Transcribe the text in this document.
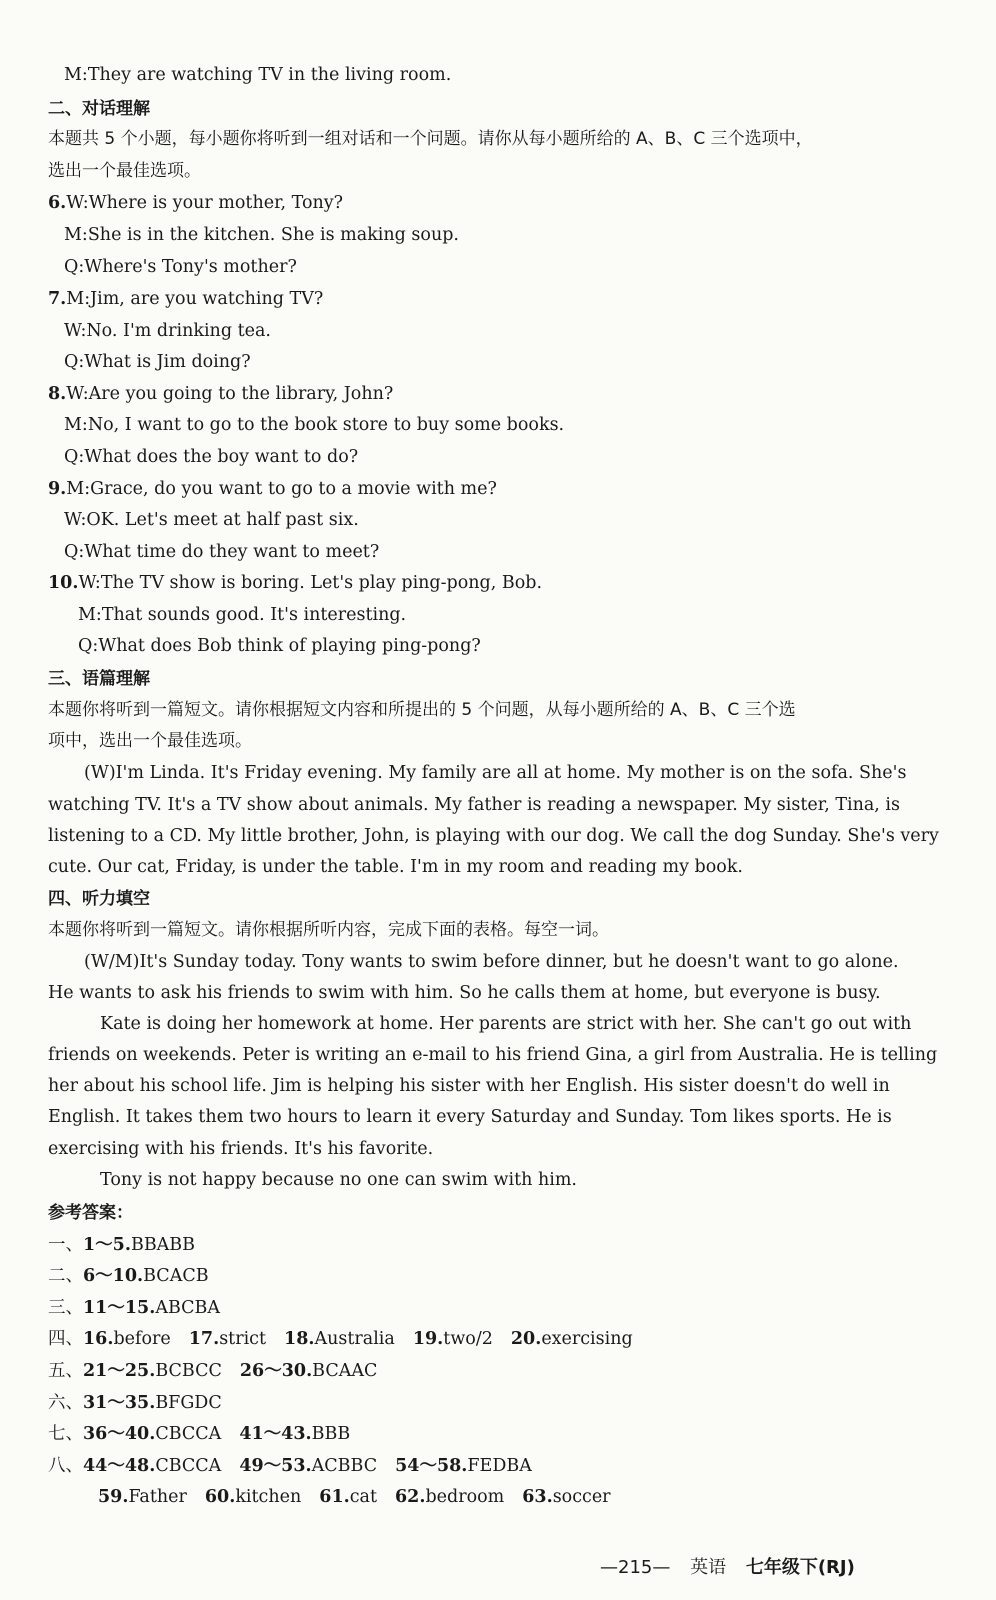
M:They are watching TV in the living room.
二、对话理解
本题共 5 个小题，每小题你将听到一组对话和一个问题。请你从每小题所给的 A、B、C 三个选项中，
选出一个最佳选项。
6.W:Where is your mother, Tony?
M:She is in the kitchen. She is making soup.
Q:Where's Tony's mother?
7.M:Jim, are you watching TV?
W:No. I'm drinking tea.
Q:What is Jim doing?
8.W:Are you going to the library, John?
M:No, I want to go to the book store to buy some books.
Q:What does the boy want to do?
9.M:Grace, do you want to go to a movie with me?
W:OK. Let's meet at half past six.
Q:What time do they want to meet?
10.W:The TV show is boring. Let's play ping-pong, Bob.
M:That sounds good. It's interesting.
Q:What does Bob think of playing ping-pong?
三、语篇理解
本题你将听到一篇短文。请你根据短文内容和所提出的 5 个问题，从每小题所给的 A、B、C 三个选
项中，选出一个最佳选项。
(W)I'm Linda. It's Friday evening. My family are all at home. My mother is on the sofa. She's
watching TV. It's a TV show about animals. My father is reading a newspaper. My sister, Tina, is
listening to a CD. My little brother, John, is playing with our dog. We call the dog Sunday. She's very
cute. Our cat, Friday, is under the table. I'm in my room and reading my book.
四、听力填空
本题你将听到一篇短文。请你根据所听内容，完成下面的表格。每空一词。
(W/M)It's Sunday today. Tony wants to swim before dinner, but he doesn't want to go alone.
He wants to ask his friends to swim with him. So he calls them at home, but everyone is busy.
Kate is doing her homework at home. Her parents are strict with her. She can't go out with
friends on weekends. Peter is writing an e-mail to his friend Gina, a girl from Australia. He is telling
her about his school life. Jim is helping his sister with her English. His sister doesn't do well in
English. It takes them two hours to learn it every Saturday and Sunday. Tom likes sports. He is
exercising with his friends. It's his favorite.
Tony is not happy because no one can swim with him.
参考答案：
一、1～5.BBABB
二、6～10.BCACB
三、11～15.ABCBA
四、16.before 17.strict 18.Australia 19.two/2 20.exercising
五、21～25.BCBCC 26～30.BCAAC
六、31～35.BFGDC
七、36～40.CBCCA 41～43.BBB
八、44～48.CBCCA 49～53.ACBBC 54～58.FEDBA
59.Father 60.kitchen 61.cat 62.bedroom 63.soccer
—215— 英语 七年级下(RJ)
